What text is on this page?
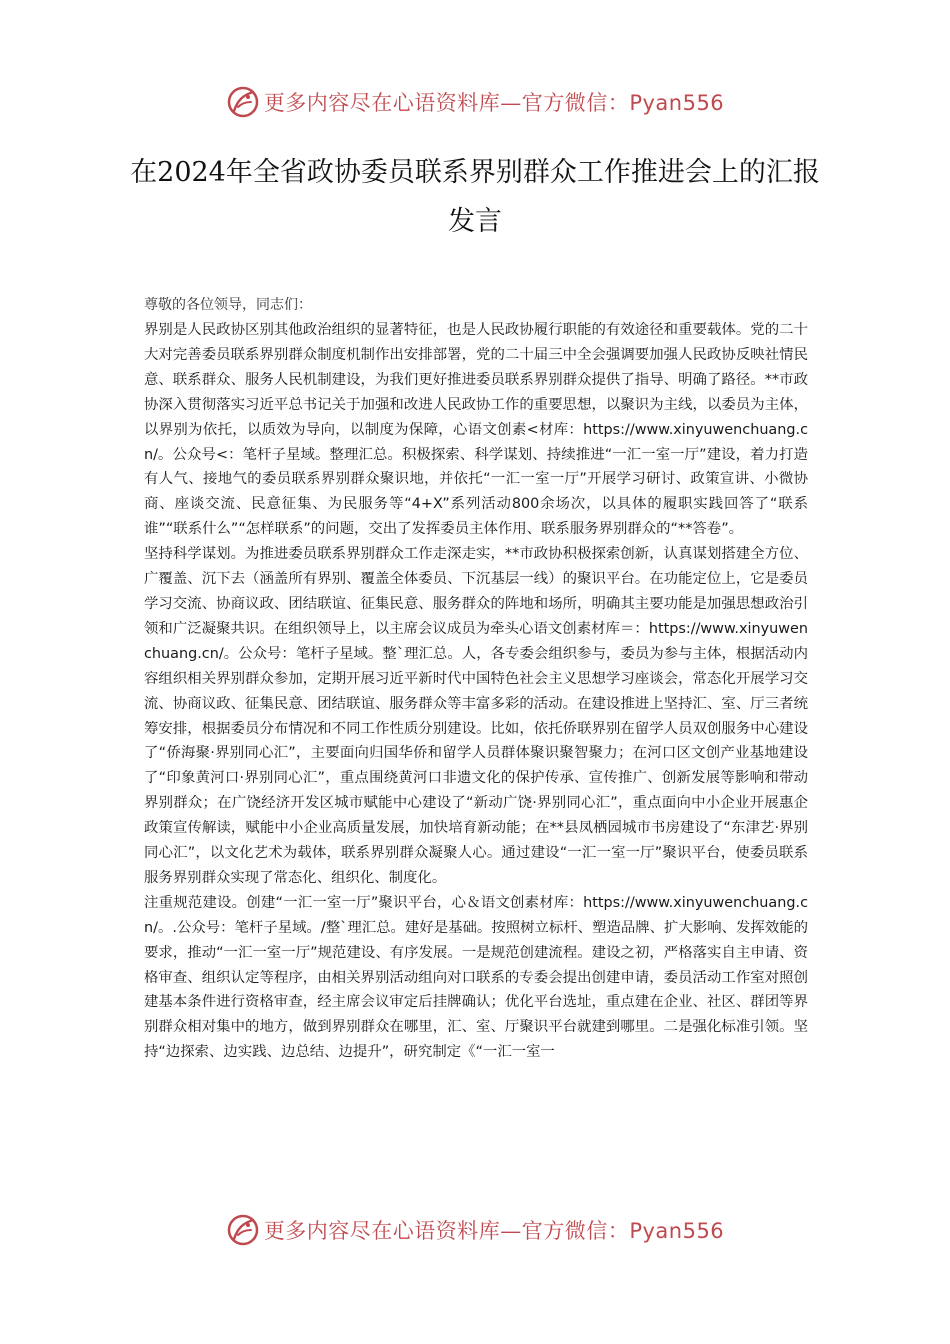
更多内容尽在心语资料库—官方微信：Pyan556
在2024年全省政协委员联系界别群众工作推进会上的汇报发言
尊敬的各位领导，同志们：

界别是人民政协区别其他政治组织的显著特征，也是人民政协履行职能的有效途径和重要载体。党的二十大对完善委员联系界别群众制度机制作出安排部署，党的二十届三中全会强调要加强人民政协反映社情民意、联系群众、服务人民机制建设，为我们更好推进委员联系界别群众提供了指导、明确了路径。**市政协深入贯彻落实习近平总书记关于加强和改进人民政协工作的重要思想，以聚识为主线，以委员为主体，以界别为依托，以质效为导向，以制度为保障，心语文创素<材库：https://www.xinyuwenchuang.cn/。公众号<：笔杆子星域。整理汇总。积极探索、科学谋划、持续推进“一汇一室一厅”建设，着力打造有人气、接地气的委员联系界别群众聚识地，并依托“一汇一室一厅”开展学习研讨、政策宣讲、小微协商、座谈交流、民意征集、为民服务等“4+X”系列活动800余场次，以具体的履职实践回答了“联系谁”“联系什么”“怎样联系”的问题，交出了发挥委员主体作用、联系服务界别群众的“**答卷”。

坚持科学谋划。为推进委员联系界别群众工作走深走实，**市政协积极探索创新，认真谋划搭建全方位、广覆盖、沉下去（涵盖所有界别、覆盖全体委员、下沉基层一线）的聚识平台。在功能定位上，它是委员学习交流、协商议政、团结联谊、征集民意、服务群众的阵地和场所，明确其主要功能是加强思想政治引领和广泛凝聚共识。在组织领导上，以主席会议成员为牵头心语文创素材库＝：https://www.xinyuwenchuang.cn/。公众号：笔杆子星域。整`理汇总。人，各专委会组织参与，委员为参与主体，根据活动内容组织相关界别群众参加，定期开展习近平新时代中国特色社会主义思想学习座谈会，常态化开展学习交流、协商议政、征集民意、团结联谊、服务群众等丰富多彩的活动。在建设推进上坚持汇、室、厅三者统筹安排，根据委员分布情况和不同工作性质分别建设。比如，依托侨联界别在留学人员双创服务中心建设了“侨海聚·界别同心汇”，主要面向归国华侨和留学人员群体聚识聚智聚力；在河口区文创产业基地建设了“印象黄河口·界别同心汇”，重点围绕黄河口非遗文化的保护传承、宣传推广、创新发展等影响和带动界别群众；在广饶经济开发区城市赋能中心建设了“新动广饶·界别同心汇”，重点面向中小企业开展惠企政策宣传解读，赋能中小企业高质量发展，加快培育新动能；在**县凤栖园城市书房建设了“东津艺·界别同心汇”，以文化艺术为载体，联系界别群众凝聚人心。通过建设“一汇一室一厅”聚识平台，使委员联系服务界别群众实现了常态化、组织化、制度化。

注重规范建设。创建“一汇一室一厅”聚识平台，心＆语文创素材库：https://www.xinyuwenchuang.cn/。.公众号：笔杆子星域。/整`理汇总。建好是基础。按照树立标杆、塑造品牌、扩大影响、发挥效能的要求，推动“一汇一室一厅”规范建设、有序发展。一是规范创建流程。建设之初，严格落实自主申请、资格审查、组织认定等程序，由相关界别活动组向对口联系的专委会提出创建申请，委员活动工作室对照创建基本条件进行资格审查，经主席会议审定后挂牌确认；优化平台选址，重点建在企业、社区、群团等界别群众相对集中的地方，做到界别群众在哪里，汇、室、厅聚识平台就建到哪里。二是强化标准引领。坚持“边探索、边实践、边总结、边提升”，研究制定《“一汇一室一

更多内容尽在心语资料库—官方微信：Pyan556
